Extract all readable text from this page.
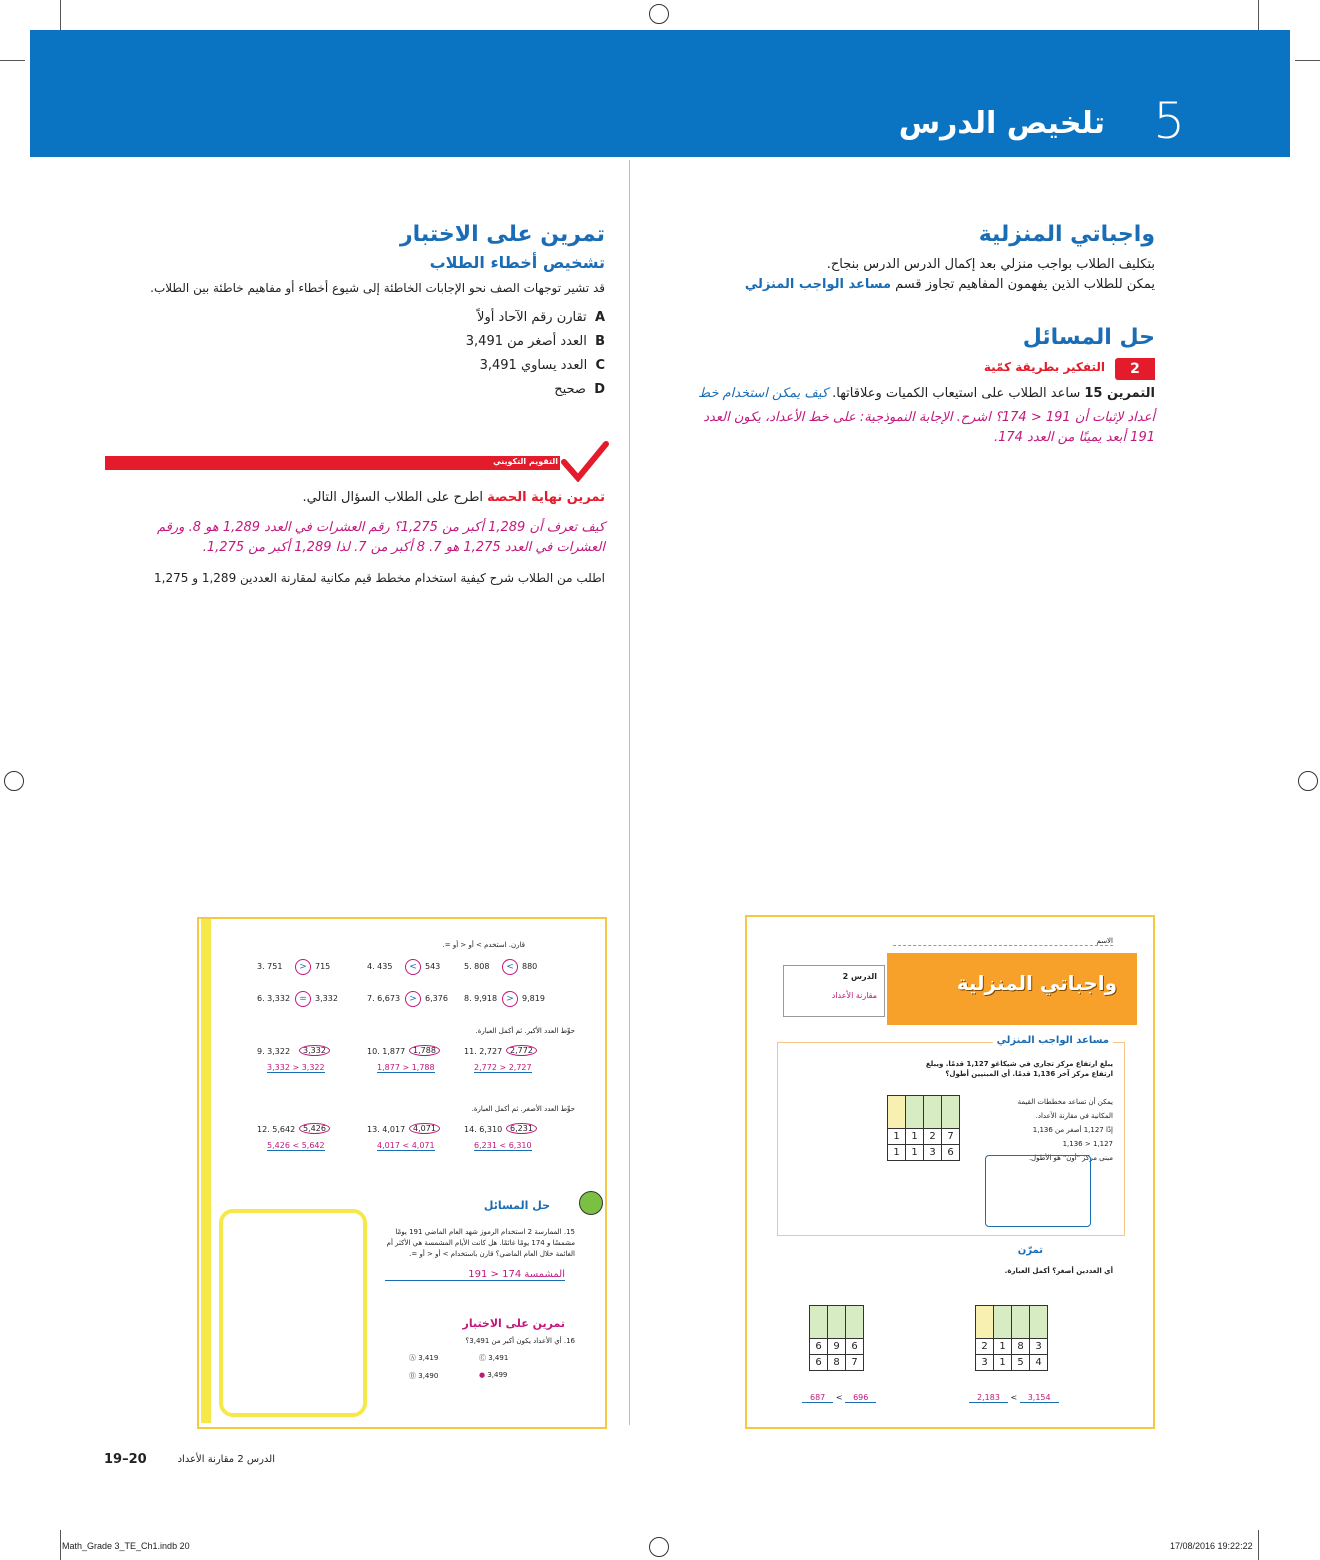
5
تلخيص الدرس
واجباتي المنزلية
بتكليف الطلاب بواجب منزلي بعد إكمال الدرس الدرس بنجاح.
يمكن للطلاب الذين يفهمون المفاهيم تجاوز قسم مساعد الواجب المنزلي
حل المسائل
2
التفكير بطريقة كمّية
التمرين 15 ساعد الطلاب على استيعاب الكميات وعلاقاتها. كيف يمكن استخدام خط
أعداد لإثبات أن 191 < 174؟ اشرح. الإجابة النموذجية: على خط الأعداد، يكون العدد
191 أبعد يمينًا من العدد 174.
تمرين على الاختبار
تشخيص أخطاء الطلاب
قد تشير توجهات الصف نحو الإجابات الخاطئة إلى شيوع أخطاء أو مفاهيم خاطئة بين الطلاب.
A  تقارن رقم الآحاد أولاً
B  العدد أصغر من 3,491
C  العدد يساوي 3,491
D  صحيح
التقويم التكويني
تمرين نهاية الحصة اطرح على الطلاب السؤال التالي.
كيف تعرف أن 1,289 أكبر من 1,275؟ رقم العشرات في العدد 1,289 هو 8. ورقم
العشرات في العدد 1,275 هو 7. 8 أكبر من 7. لذا 1,289 أكبر من 1,275.
اطلب من الطلاب شرح كيفية استخدام مخطط قيم مكانية لمقارنة العددين 1,289 و 1,275
قارن. استخدم > أو < أو =.
3. 751	>	715	4. 435	<	543	5. 808	<	880
6. 3,332	=	3,332	7. 6,673	>	6,376 8. 9,918	>	9,819
حوِّط العدد الأكبر. ثم أكمل العبارة.
9. 3,322	3,332
3,332 > 3,322
10. 1,877 1,788
1,877 > 1,788
11. 2,727 2,772
2,772 > 2,727
حوِّط العدد الأصغر. ثم أكمل العبارة.
12. 5,642 5,426
5,426 < 5,642
13. 4,017 4,071
4,017 < 4,071
14. 6,310 6,231
6,231 < 6,310
حل المسائل
15. الممارسة 2 استخدام الرموز شهد العام الماضي 191 يومًا مشمسًا و 174 يومًا غائمًا. هل كانت الأيام المشمسة هي الأكثر أم الغائمة خلال العام الماضي؟ قارن باستخدام > أو < أو =.
المشمسة 174 < 191
تمرين على الاختبار
16. أي الأعداد يكون أكبر من 3,491؟
Ⓐ 3,419	Ⓒ 3,491
Ⓑ 3,490	● 3,499
الاسم
الدرس 2
مقارنة الأعداد
واجباتي المنزلية
مساعد الواجب المنزلي
يبلغ ارتفاع مركز تجاري في شيكاغو 1,127 قدمًا. ويبلغ ارتفاع مركز آخر 1,136 قدمًا. أي المبنيين أطول؟
يمكن أن تساعد مخططات القيمة المكانية في مقارنة الأعداد.
إذًا 1,127 أصغر من 1,136
1,127 < 1,136
مبنى مركز "أون" هو الأطول.

1	1	2	7
1	1	3	6
تمرّن
أي العددين أصغر؟ أكمل العبارة.

6	9	6
6	8	7

2	1	8	3
3	1	5	4
687 < 696	2,183 < 3,154
19–20	الدرس 2 مقارنة الأعداد
Math_Grade 3_TE_Ch1.indb 20	17/08/2016 19:22:22
